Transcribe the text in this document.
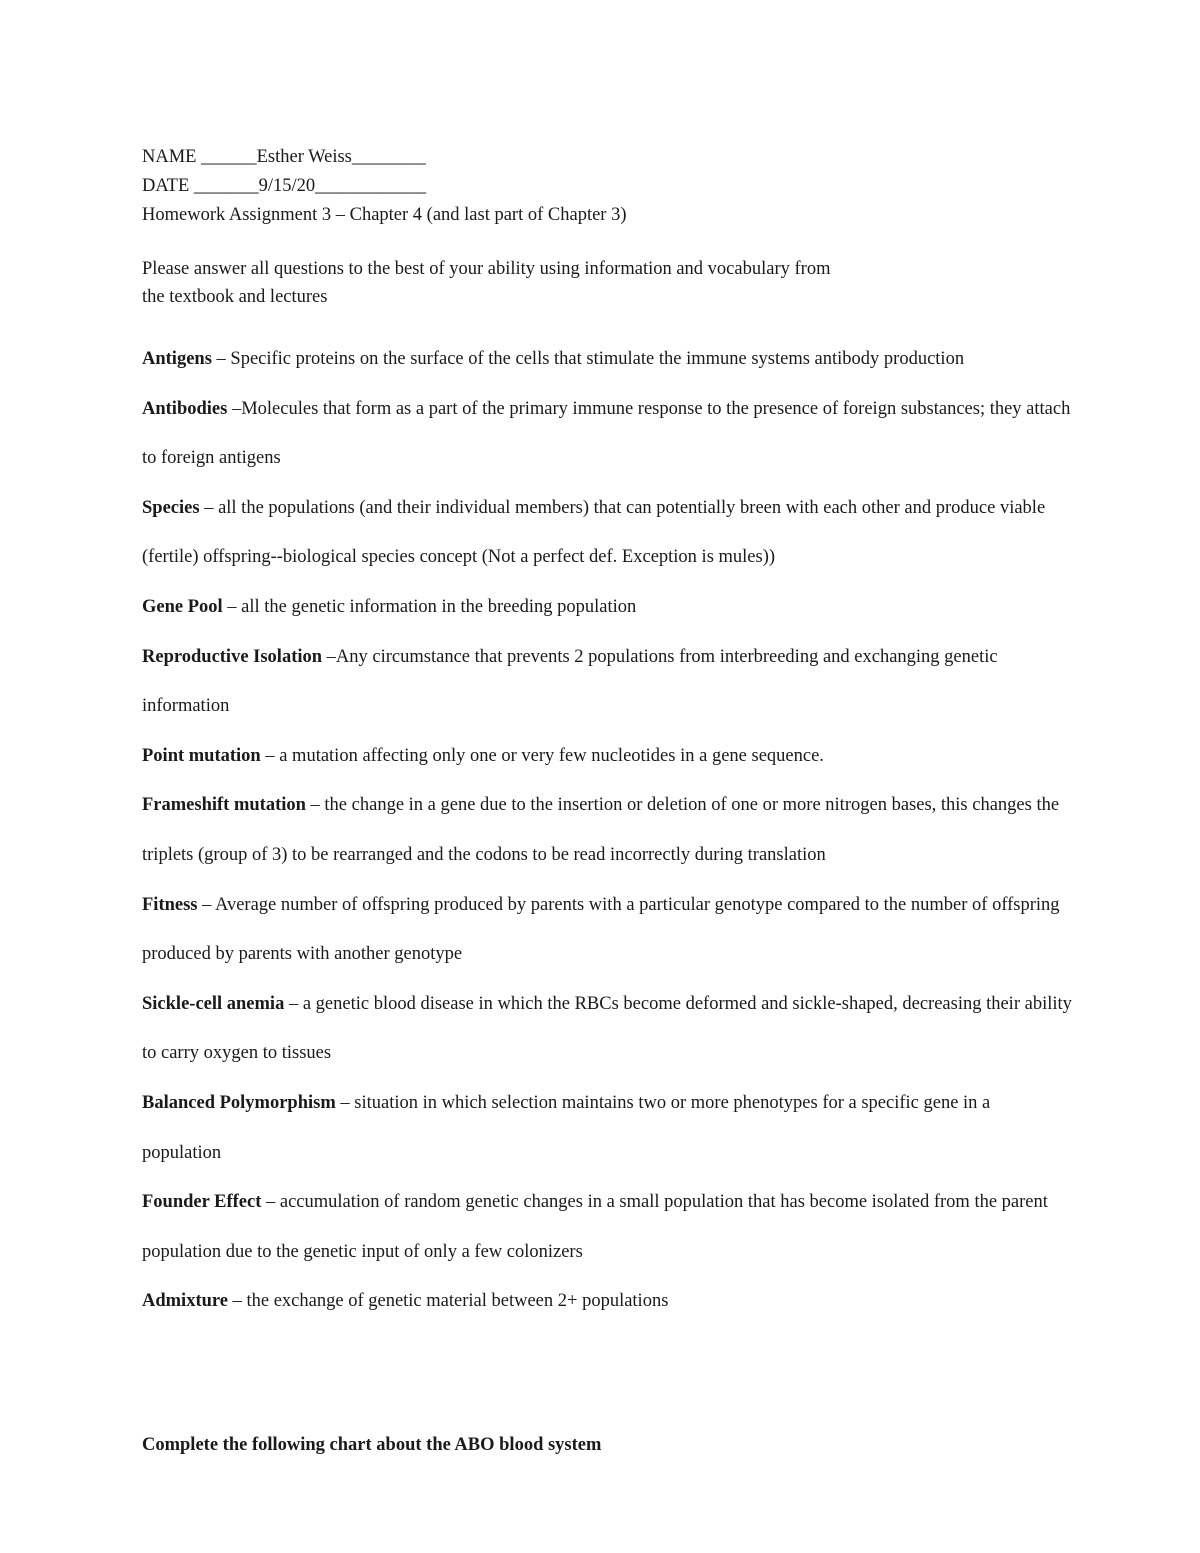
NAME ______Esther Weiss________
DATE _______9/15/20____________
Homework Assignment 3 – Chapter 4 (and last part of Chapter 3)
Please answer all questions to the best of your ability using information and vocabulary from
the textbook and lectures
Antigens – Specific proteins on the surface of the cells that stimulate the immune systems antibody production
Antibodies –Molecules that form as a part of the primary immune response to the presence of foreign substances; they attach to foreign antigens
Species – all the populations (and their individual members) that can potentially breen with each other and produce viable (fertile) offspring--biological species concept (Not a perfect def. Exception is mules))
Gene Pool – all the genetic information in the breeding population
Reproductive Isolation –Any circumstance that prevents 2 populations from interbreeding and exchanging genetic information
Point mutation – a mutation affecting only one or very few nucleotides in a gene sequence.
Frameshift mutation – the change in a gene due to the insertion or deletion of one or more nitrogen bases, this changes the triplets (group of 3) to be rearranged and the codons to be read incorrectly during translation
Fitness – Average number of offspring produced by parents with a particular genotype compared to the number of offspring produced by parents with another genotype
Sickle-cell anemia – a genetic blood disease in which the RBCs become deformed and sickle-shaped, decreasing their ability to carry oxygen to tissues
Balanced Polymorphism – situation in which selection maintains two or more phenotypes for a specific gene in a population
Founder Effect – accumulation of random genetic changes in a small population that has become isolated from the parent population due to the genetic input of only a few colonizers
Admixture – the exchange of genetic material between 2+ populations
Complete the following chart about the ABO blood system
